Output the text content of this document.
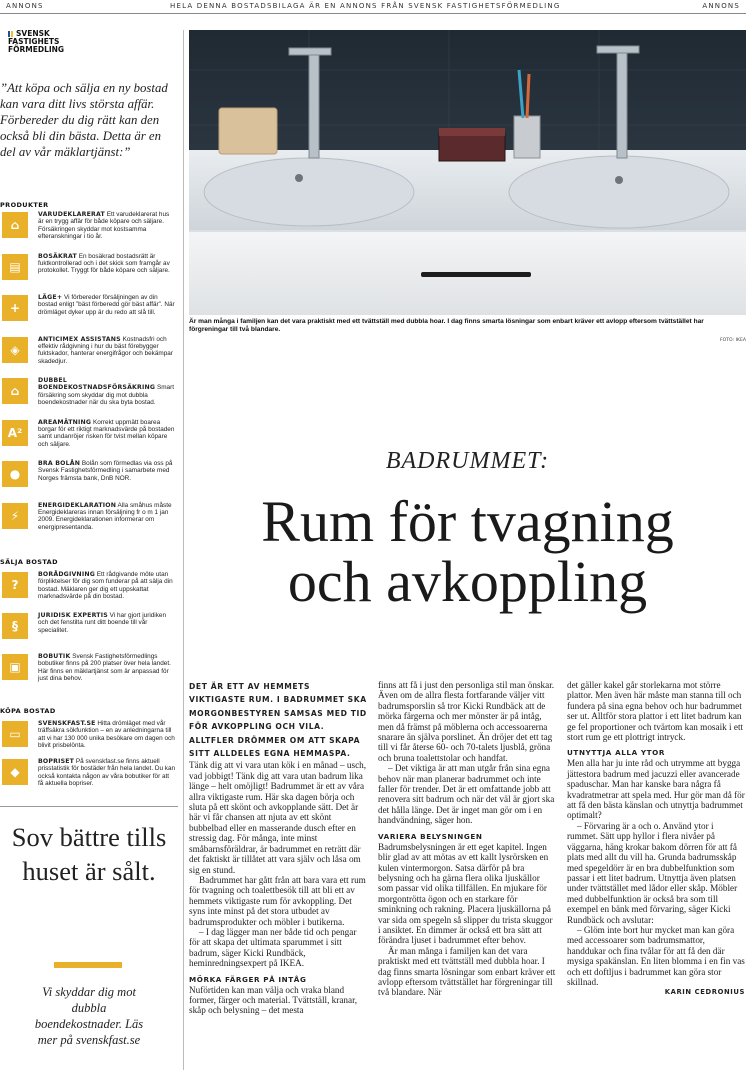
ANNONS	HELA DENNA BOSTADSBILAGA ÄR EN ANNONS FRÅN SVENSK FASTIGHETSFÖRMEDLING	ANNONS
SVENSK
FASTIGHETS
FÖRMEDLING
”Att köpa och sälja en ny bostad kan vara ditt livs största affär. Förbereder du dig rätt kan den också bli din bästa. Detta är en del av vår mäklartjänst:”
PRODUKTER
SÄLJA BOSTAD
KÖPA BOSTAD
Sov bättre tills huset är sålt.
Vi skyddar dig mot dubbla boendekostnader. Läs mer på svenskfast.se
⌂
VARUDEKLARERAT Ett varudeklarerat hus är en trygg affär för både köpare och säljare. Försäkringen skyddar mot kostsamma efteranskningar i tio år.
▤
BOSÄKRAT En bosäkrad bostadsrätt är fuktkontrollerad och i det skick som framgår av protokollet. Tryggt för både köpare och säljare.
+
LÄGE+ Vi förbereder försäljningen av din bostad enligt ”bäst förberedd gör bäst affär”. När drömläget dyker upp är du redo att slå till.
◈
ANTICIMEX ASSISTANS Kostnadsfri och effektiv rådgivning i hur du bäst förebygger fuktskador, hanterar energifrågor och bekämpar skadedjur.
⌂
DUBBEL BOENDEKOSTNADSFÖRSÄKRING Smart försäkring som skyddar dig mot dubbla boendekostnader när du ska byta bostad.
A²
AREAMÄTNING Korrekt uppmätt boarea borgar för ett riktigt marknadsvärde på bostaden samt undanröjer risken för tvist mellan köpare och säljare.
●
BRA BOLÅN Bolån som förmedlas via oss på Svensk Fastighetsförmedling i samarbete med Norges främsta bank, DnB NOR.
⚡
ENERGIDEKLARATION Alla småhus måste Energideklareras innan försäljning fr o m 1 jan 2009. Energideklarationen informerar om energipresentanda.
?
BORÅDGIVNING Ett rådgivande möte utan förpliktelser för dig som funderar på att sälja din bostad. Mäklaren ger dig ett uppskattat marknadsvärde på din bostad.
§
JURIDISK EXPERTIS Vi har gjort juridiken och det fenstilta runt ditt boende till vår specialitet.
▣
BOBUTIK Svensk Fastighetsförmedlings bobutiker finns på 200 platser över hela landet. Här finns en mäklartjänst som är anpassad för just dina behov.
▭
SVENSKFAST.SE Hitta drömläget med vår träffsäkra sökfunktion – en av anledningarna till att vi har 130 000 unika besökare om dagen och blivit prisbelönta.
◆
BOPRISET På svenskfast.se finns aktuell prisstatistik för bostäder från hela landet. Du kan också kontakta någon av våra bobutiker för att få aktuella bopriser.
Är man många i familjen kan det vara praktiskt med ett tvättställ med dubbla hoar. I dag finns smarta lösningar som enbart kräver ett avlopp eftersom tvättstället har förgreningar till två blandare.
FOTO: IKEA
BADRUMMET:
Rum för tvagning
och avkoppling

DET ÄR ETT AV HEMMETS VIKTIGASTE RUM. I BADRUMMET SKA MORGONBESTYREN SAMSAS MED TID FÖR AVKOPPLING OCH VILA. ALLTFLER DRÖMMER OM ATT SKAPA SITT ALLDELES EGNA HEMMASPA.

Tänk dig att vi vara utan kök i en månad – usch, vad jobbigt! Tänk dig att vara utan badrum lika länge – helt omöjligt! Badrummet är ett av våra allra viktigaste rum. Här ska dagen börja och sluta på ett skönt och avkopplande sätt. Det är här vi får chansen att njuta av ett skönt bubbelbad eller en masserande dusch efter en stressig dag. För många, inte minst småbarnsföräldrar, är badrummet en reträtt där det faktiskt är tillåtet att vara själv och låsa om sig en stund.

Badrummet har gått från att bara vara ett rum för tvagning och toalettbesök till att bli ett av hemmets viktigaste rum för avkoppling. Det syns inte minst på det stora utbudet av badrumsprodukter och möbler i butikerna.

– I dag lägger man ner både tid och pengar för att skapa det ultimata sparummet i sitt badrum, säger Kicki Rundbäck, heminredningsexpert på IKEA.

MÖRKA FÄRGER PÅ INTÅG

Nuförtiden kan man välja och vraka bland former, färger och material. Tvättställ, kranar, skåp och belysning – det mesta

finns att få i just den personliga stil man önskar. Även om de allra flesta fortfarande väljer vitt badrumsporslin så tror Kicki Rundbäck att de mörka färgerna och mer mönster är på intåg, men då främst på möblerna och accessoarerna snarare än själva porslinet. Än dröjer det ett tag till vi får återse 60- och 70-talets ljusblå, gröna och bruna toalettstolar och handfat.

– Det viktiga är att man utgår från sina egna behov när man planerar badrummet och inte faller för trender. Det är ett omfattande jobb att renovera sitt badrum och när det väl är gjort ska det hålla länge. Det är inget man gör om i en handvändning, säger hon.

VARIERA BELYSNINGEN

Badrumsbelysningen är ett eget kapitel. Ingen blir glad av att mötas av ett kallt lysrörsken en kulen vintermorgon. Satsa därför på bra belysning och ha gärna flera olika ljuskällor som passar vid olika tillfällen. En mjukare för morgontrötta ögon och en starkare för sminkning och rakning. Placera ljuskällorna på var sida om spegeln så slipper du trista skuggor i ansiktet. En dimmer är också ett bra sätt att förändra ljuset i badrummet efter behov.

Är man många i familjen kan det vara praktiskt med ett tvättställ med dubbla hoar. I dag finns smarta lösningar som enbart kräver ett avlopp eftersom tvättstället har förgreningar till två blandare. När

det gäller kakel går storlekarna mot större plattor. Men även här måste man stanna till och fundera på sina egna behov och hur badrummet ser ut. Alltför stora plattor i ett litet badrum kan ge fel proportioner och tvärtom kan mosaik i ett stort rum ge ett plottrigt intryck.

UTNYTTJA ALLA YTOR

Men alla har ju inte råd och utrymme att bygga jättestora badrum med jacuzzi eller avancerade spaduschar. Man har kanske bara några få kvadratmetrar att spela med. Hur gör man då för att få den bästa känslan och utnyttja badrummet optimalt?

– Förvaring är a och o. Använd ytor i rummet. Sätt upp hyllor i flera nivåer på väggarna, häng krokar bakom dörren för att få plats med allt du vill ha. Grunda badrumsskåp med spegeldörr är en bra dubbelfunktion som passar i ett litet badrum. Utnyttja även platsen under tvättstället med lådor eller skåp. Möbler med dubbelfunktion är också bra som till exempel en bänk med förvaring, säger Kicki Rundbäck och avslutar:

– Glöm inte bort hur mycket man kan göra med accessoarer som badrumsmattor, handdukar och fina tvålar för att få den där mysiga spakänslan. En liten blomma i en fin vas och ett doftljus i badrummet kan göra stor skillnad.

KARIN CEDRONIUS
